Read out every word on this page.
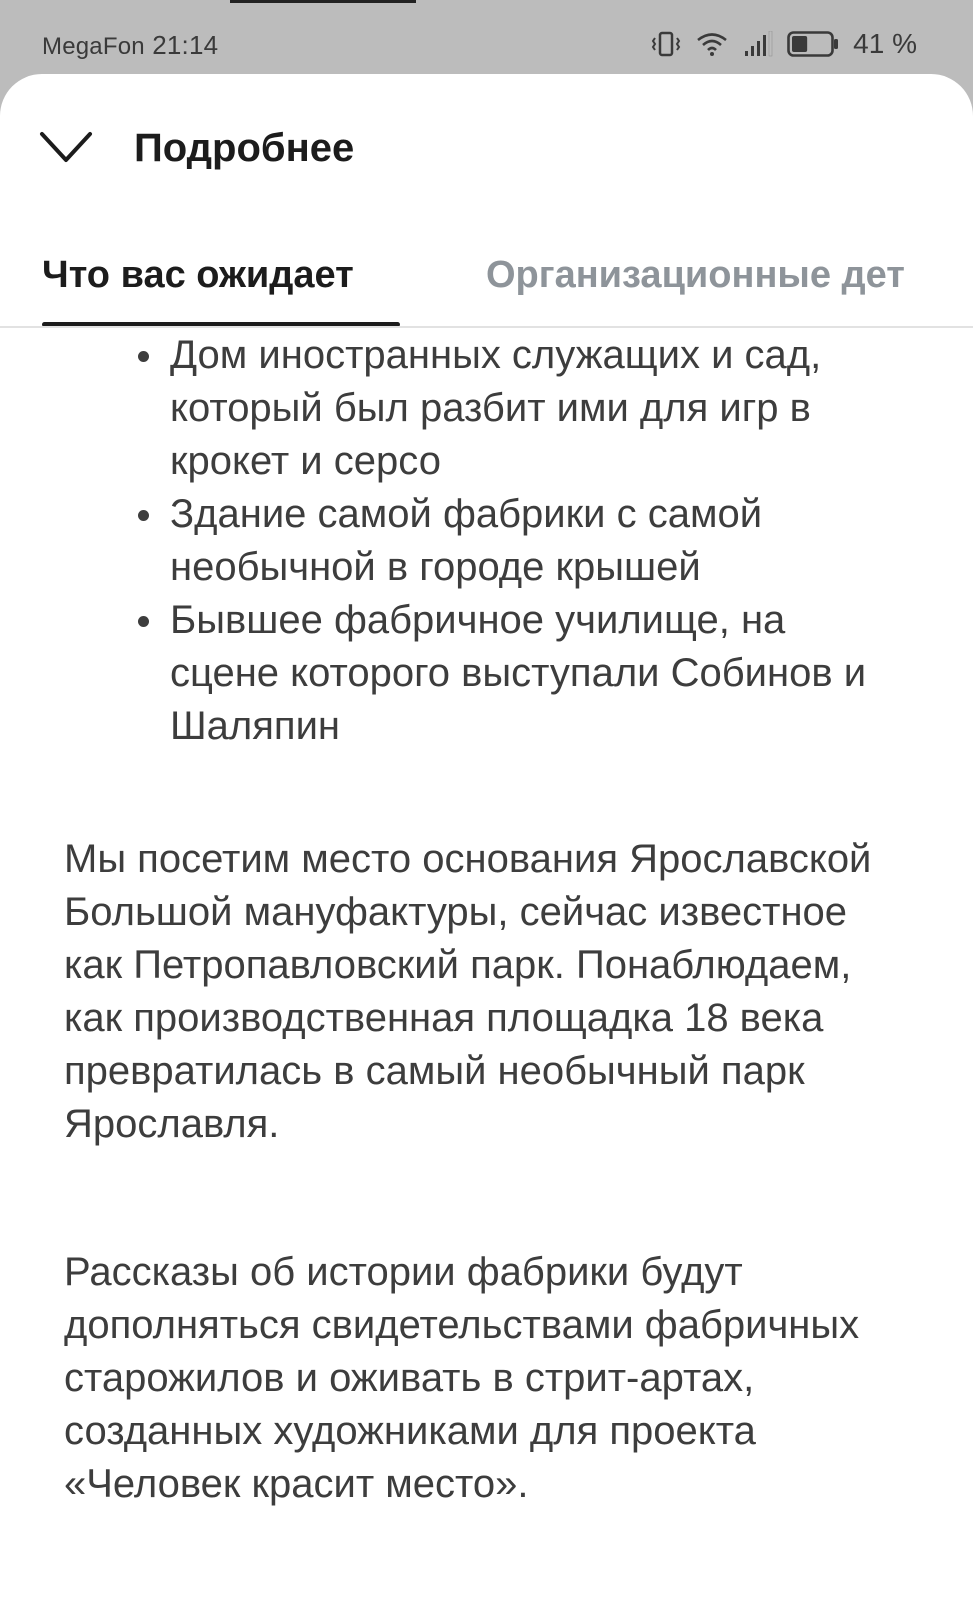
MegaFon 21:14	41 %
Подробнее
Что вас ожидает	Организационные дет
Дом иностранных служащих и сад, который был разбит ими для игр в крокет и серсо
Здание самой фабрики с самой необычной в городе крышей
Бывшее фабричное училище, на сцене которого выступали Собинов и Шаляпин

Мы посетим место основания Ярославской Большой мануфактуры, сейчас известное как Петропавловский парк. Понаблюдаем, как производственная площадка 18 века превратилась в самый необычный парк Ярославля.

Рассказы об истории фабрики будут дополняться свидетельствами фабричных старожилов и оживать в стрит-артах, созданных художниками для проекта «Человек красит место».
